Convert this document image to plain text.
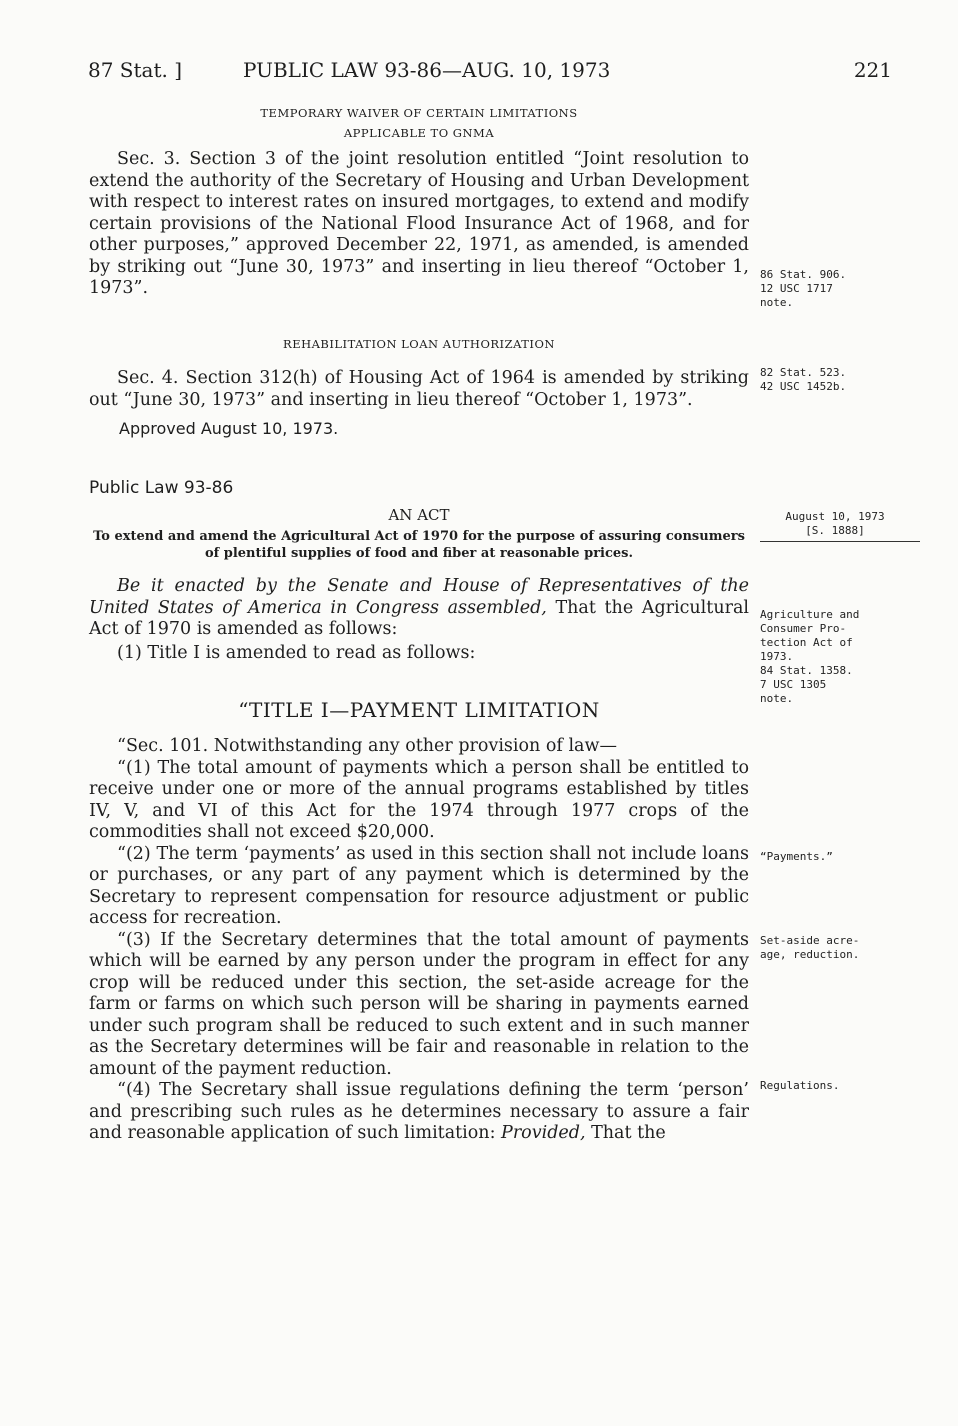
87 Stat. ]	PUBLIC LAW 93-86—AUG. 10, 1973	221
TEMPORARY WAIVER OF CERTAIN LIMITATIONS
APPLICABLE TO GNMA

Sec. 3. Section 3 of the joint resolution entitled “Joint resolution to extend the authority of the Secretary of Housing and Urban Development with respect to interest rates on insured mortgages, to extend and modify certain provisions of the National Flood Insurance Act of 1968, and for other purposes,” approved December 22, 1971, as amended, is amended by striking out “June 30, 1973” and inserting in lieu thereof “October 1, 1973”.

86 Stat. 906.
12 USC 1717
note.
REHABILITATION LOAN AUTHORIZATION

Sec. 4. Section 312(h) of Housing Act of 1964 is amended by striking out “June 30, 1973” and inserting in lieu thereof “October 1, 1973”.

Approved August 10, 1973.
82 Stat. 523.
42 USC 1452b.
Public Law 93-86
AN ACT
To extend and amend the Agricultural Act of 1970 for the purpose of assuring consumers of plentiful supplies of food and fiber at reasonable prices.

Be it enacted by the Senate and House of Representatives of the United States of America in Congress assembled, That the Agricultural Act of 1970 is amended as follows:

(1) Title I is amended to read as follows:

August 10, 1973
[S. 1888]
Agriculture and
Consumer Pro-
tection Act of
1973.
84 Stat. 1358.
7 USC 1305
note.
“TITLE I—PAYMENT LIMITATION

“Sec. 101. Notwithstanding any other provision of law—

“(1) The total amount of payments which a person shall be entitled to receive under one or more of the annual programs established by titles IV, V, and VI of this Act for the 1974 through 1977 crops of the commodities shall not exceed $20,000.

“(2) The term ‘payments’ as used in this section shall not include loans or purchases, or any part of any payment which is determined by the Secretary to represent compensation for resource adjustment or public access for recreation.

“(3) If the Secretary determines that the total amount of payments which will be earned by any person under the program in effect for any crop will be reduced under this section, the set-aside acreage for the farm or farms on which such person will be sharing in payments earned under such program shall be reduced to such extent and in such manner as the Secretary determines will be fair and reasonable in relation to the amount of the payment reduction.

“(4) The Secretary shall issue regulations defining the term ‘person’ and prescribing such rules as he determines necessary to assure a fair and reasonable application of such limitation: Provided, That the

“Payments.”
Set-aside acre-
age, reduction.
Regulations.
